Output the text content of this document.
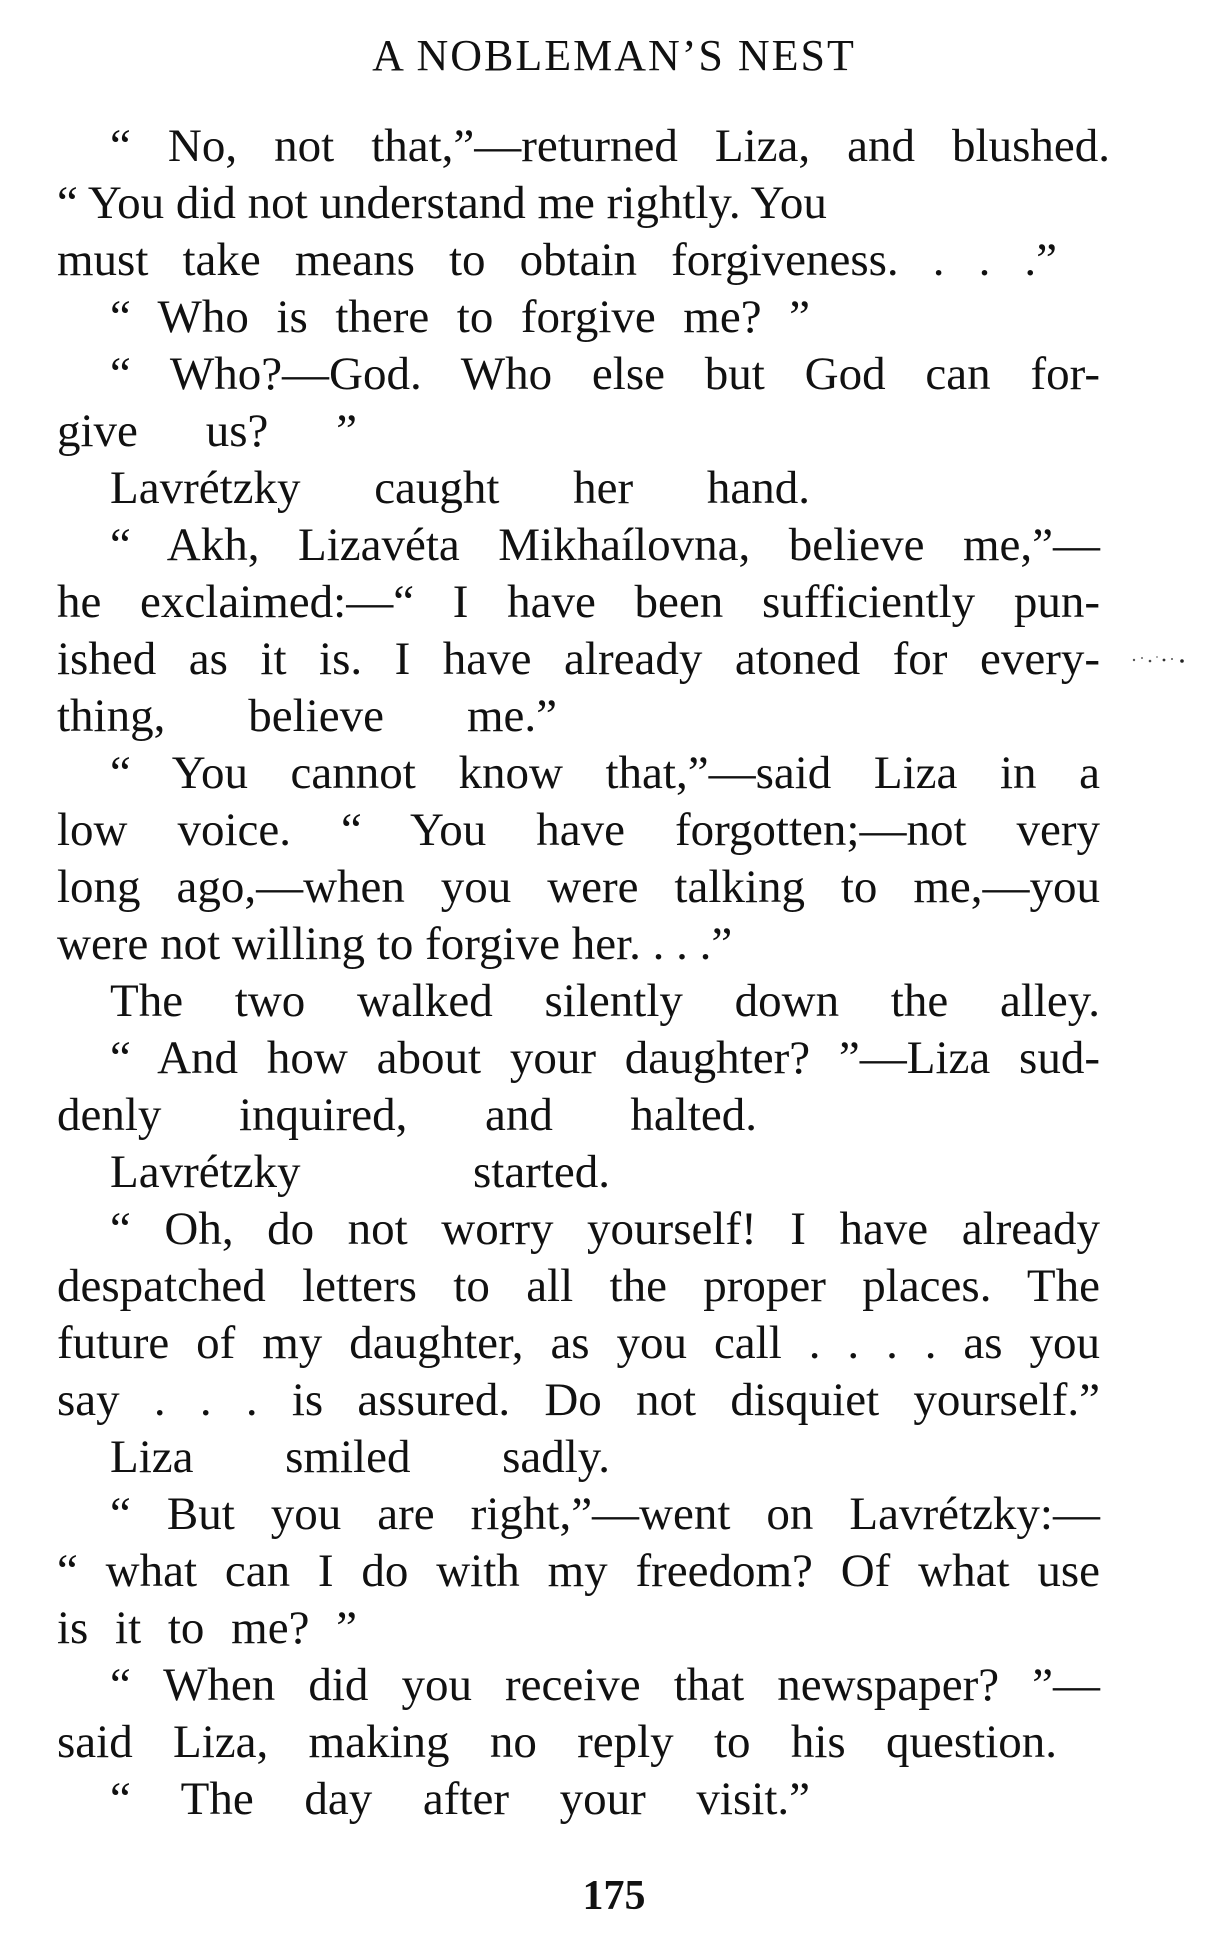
A NOBLEMAN’S NEST
“ No, not that,”—returned Liza, and blushed.
“ You did not understand me rightly. You
must take means to obtain forgiveness. . . .”
“ Who is there to forgive me? ”
“ Who?—God. Who else but God can for-
give us? ”
Lavrétzky caught her hand.
“ Akh, Lizavéta Mikhaílovna, believe me,”—
he exclaimed:—“ I have been sufficiently pun-
ished as it is. I have already atoned for every-
thing, believe me.”
“ You cannot know that,”—said Liza in a
low voice. “ You have forgotten;—not very
long ago,—when you were talking to me,—you
were not willing to forgive her. . . .”
The two walked silently down the alley.
“ And how about your daughter? ”—Liza sud-
denly inquired, and halted.
Lavrétzky started.
“ Oh, do not worry yourself! I have already
despatched letters to all the proper places. The
future of my daughter, as you call . . . . as you
say . . . is assured. Do not disquiet yourself.”
Liza smiled sadly.
“ But you are right,”—went on Lavrétzky:—
“ what can I do with my freedom? Of what use
is it to me? ”
“ When did you receive that newspaper? ”—
said Liza, making no reply to his question.
“ The day after your visit.”
175
